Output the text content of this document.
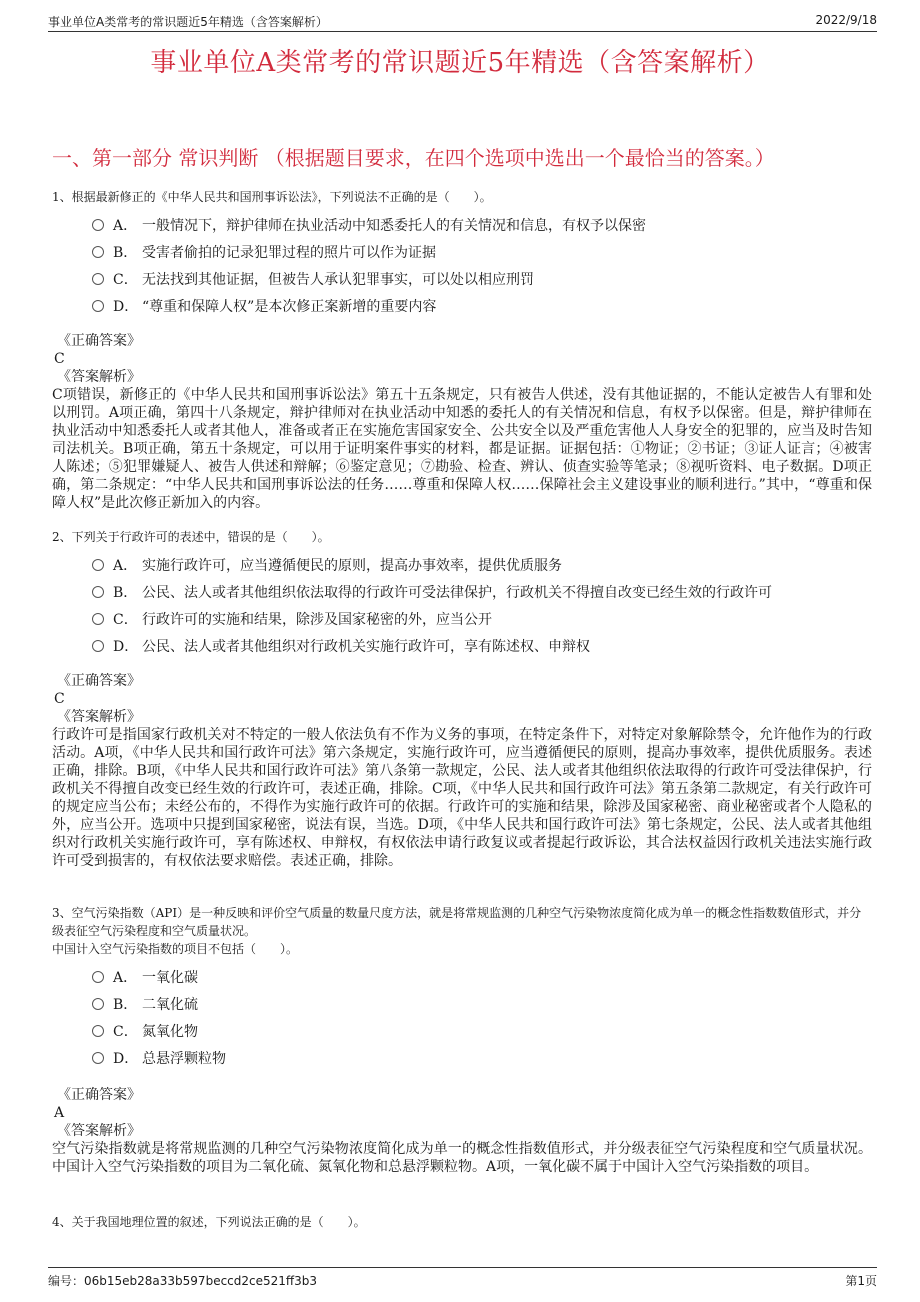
事业单位A类常考的常识题近5年精选（含答案解析）	2022/9/18
事业单位A类常考的常识题近5年精选（含答案解析）
一、第一部分 常识判断 （根据题目要求，在四个选项中选出一个最恰当的答案。）
1、根据最新修正的《中华人民共和国刑事诉讼法》，下列说法不正确的是（　　）。
A． 一般情况下，辩护律师在执业活动中知悉委托人的有关情况和信息，有权予以保密
B． 受害者偷拍的记录犯罪过程的照片可以作为证据
C． 无法找到其他证据，但被告人承认犯罪事实，可以处以相应刑罚
D． “尊重和保障人权”是本次修正案新增的重要内容
《正确答案》
C
《答案解析》
C项错误，新修正的《中华人民共和国刑事诉讼法》第五十五条规定，只有被告人供述，没有其他证据的，不能认定被告人有罪和处以刑罚。A项正确，第四十八条规定，辩护律师对在执业活动中知悉的委托人的有关情况和信息，有权予以保密。但是，辩护律师在执业活动中知悉委托人或者其他人，准备或者正在实施危害国家安全、公共安全以及严重危害他人人身安全的犯罪的，应当及时告知司法机关。B项正确，第五十条规定，可以用于证明案件事实的材料，都是证据。证据包括：①物证；②书证；③证人证言；④被害人陈述；⑤犯罪嫌疑人、被告人供述和辩解；⑥鉴定意见；⑦勘验、检查、辨认、侦查实验等笔录；⑧视听资料、电子数据。D项正确，第二条规定：“中华人民共和国刑事诉讼法的任务……尊重和保障人权……保障社会主义建设事业的顺利进行。”其中，“尊重和保障人权”是此次修正新加入的内容。
2、下列关于行政许可的表述中，错误的是（　　）。
A． 实施行政许可，应当遵循便民的原则，提高办事效率，提供优质服务
B． 公民、法人或者其他组织依法取得的行政许可受法律保护，行政机关不得擅自改变已经生效的行政许可
C． 行政许可的实施和结果，除涉及国家秘密的外，应当公开
D． 公民、法人或者其他组织对行政机关实施行政许可，享有陈述权、申辩权
《正确答案》
C
《答案解析》
行政许可是指国家行政机关对不特定的一般人依法负有不作为义务的事项，在特定条件下，对特定对象解除禁令，允许他作为的行政活动。A项，《中华人民共和国行政许可法》第六条规定，实施行政许可，应当遵循便民的原则，提高办事效率，提供优质服务。表述正确，排除。B项，《中华人民共和国行政许可法》第八条第一款规定，公民、法人或者其他组织依法取得的行政许可受法律保护，行政机关不得擅自改变已经生效的行政许可，表述正确，排除。C项，《中华人民共和国行政许可法》第五条第二款规定，有关行政许可的规定应当公布；未经公布的，不得作为实施行政许可的依据。行政许可的实施和结果，除涉及国家秘密、商业秘密或者个人隐私的外，应当公开。选项中只提到国家秘密，说法有误，当选。D项，《中华人民共和国行政许可法》第七条规定，公民、法人或者其他组织对行政机关实施行政许可，享有陈述权、申辩权，有权依法申请行政复议或者提起行政诉讼，其合法权益因行政机关违法实施行政许可受到损害的，有权依法要求赔偿。表述正确，排除。
3、空气污染指数（API）是一种反映和评价空气质量的数量尺度方法，就是将常规监测的几种空气污染物浓度简化成为单一的概念性指数数值形式，并分级表征空气污染程度和空气质量状况。
中国计入空气污染指数的项目不包括（　　）。
A． 一氧化碳
B． 二氧化硫
C． 氮氧化物
D． 总悬浮颗粒物
《正确答案》
A
《答案解析》
空气污染指数就是将常规监测的几种空气污染物浓度简化成为单一的概念性指数值形式，并分级表征空气污染程度和空气质量状况。中国计入空气污染指数的项目为二氧化硫、氮氧化物和总悬浮颗粒物。A项，一氧化碳不属于中国计入空气污染指数的项目。
4、关于我国地理位置的叙述，下列说法正确的是（　　）。
编号：06b15eb28a33b597beccd2ce521ff3b3	第1页
